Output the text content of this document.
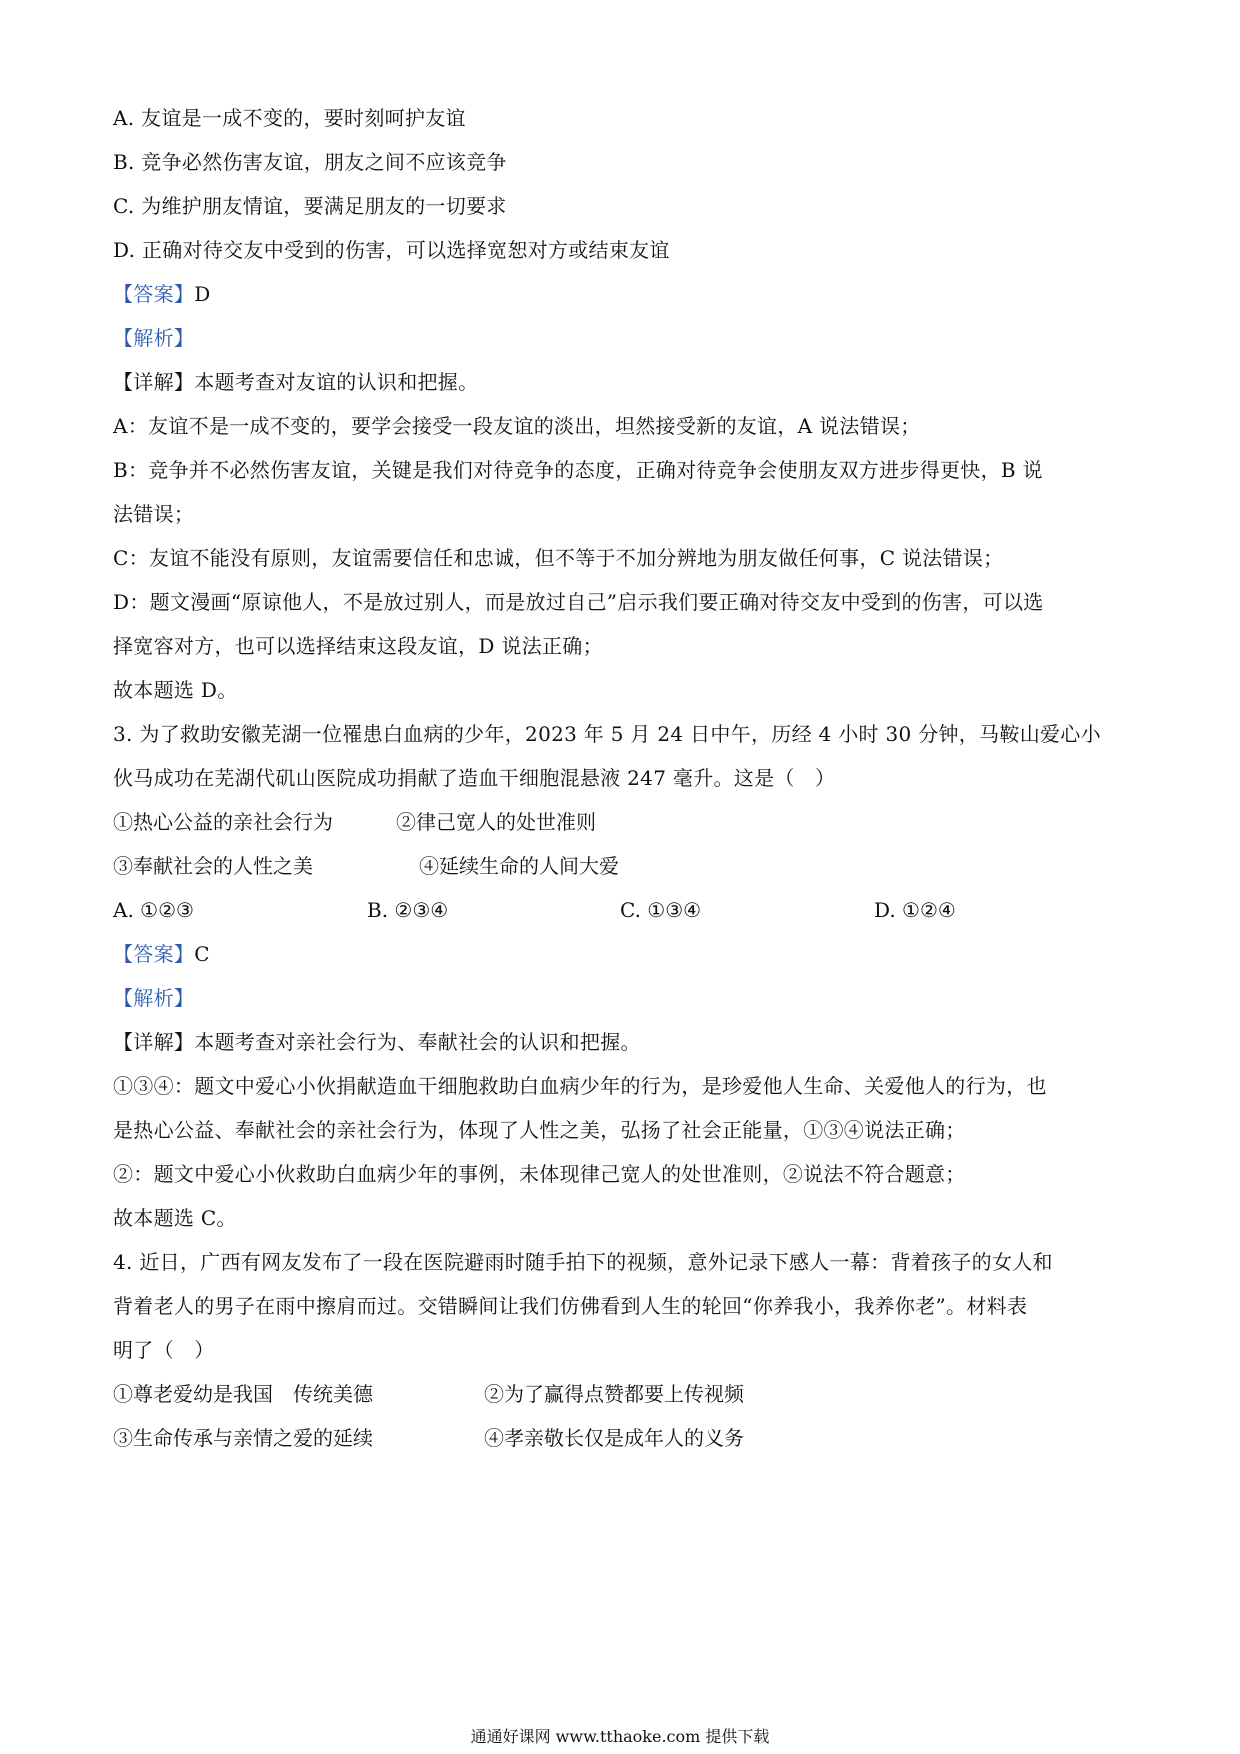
A. 友谊是一成不变的，要时刻呵护友谊
B. 竞争必然伤害友谊，朋友之间不应该竞争
C. 为维护朋友情谊，要满足朋友的一切要求
D. 正确对待交友中受到的伤害，可以选择宽恕对方或结束友谊
【答案】D
【解析】
【详解】本题考查对友谊的认识和把握。
A：友谊不是一成不变的，要学会接受一段友谊的淡出，坦然接受新的友谊，A 说法错误；
B：竞争并不必然伤害友谊，关键是我们对待竞争的态度，正确对待竞争会使朋友双方进步得更快，B 说
法错误；
C：友谊不能没有原则，友谊需要信任和忠诚，但不等于不加分辨地为朋友做任何事，C 说法错误；
D：题文漫画“原谅他人，不是放过别人，而是放过自己”启示我们要正确对待交友中受到的伤害，可以选
择宽容对方，也可以选择结束这段友谊，D 说法正确；
故本题选 D。
3. 为了救助安徽芜湖一位罹患白血病的少年，2023 年 5 月 24 日中午，历经 4 小时 30 分钟，马鞍山爱心小
伙马成功在芜湖代矶山医院成功捐献了造血干细胞混悬液 247 毫升。这是（　）
①热心公益的亲社会行为	②律己宽人的处世准则
③奉献社会的人性之美	④延续生命的人间大爱
A. ①②③	B. ②③④	C. ①③④	D. ①②④
【答案】C
【解析】
【详解】本题考查对亲社会行为、奉献社会的认识和把握。
①③④：题文中爱心小伙捐献造血干细胞救助白血病少年的行为，是珍爱他人生命、关爱他人的行为，也
是热心公益、奉献社会的亲社会行为，体现了人性之美，弘扬了社会正能量，①③④说法正确；
②：题文中爱心小伙救助白血病少年的事例，未体现律己宽人的处世准则，②说法不符合题意；
故本题选 C。
4. 近日，广西有网友发布了一段在医院避雨时随手拍下的视频，意外记录下感人一幕：背着孩子的女人和
背着老人的男子在雨中擦肩而过。交错瞬间让我们仿佛看到人生的轮回“你养我小，我养你老”。材料表
明了（　）
①尊老爱幼是我国　传统美德	②为了赢得点赞都要上传视频
③生命传承与亲情之爱的延续	④孝亲敬长仅是成年人的义务
通通好课网 www.tthaoke.com 提供下载
